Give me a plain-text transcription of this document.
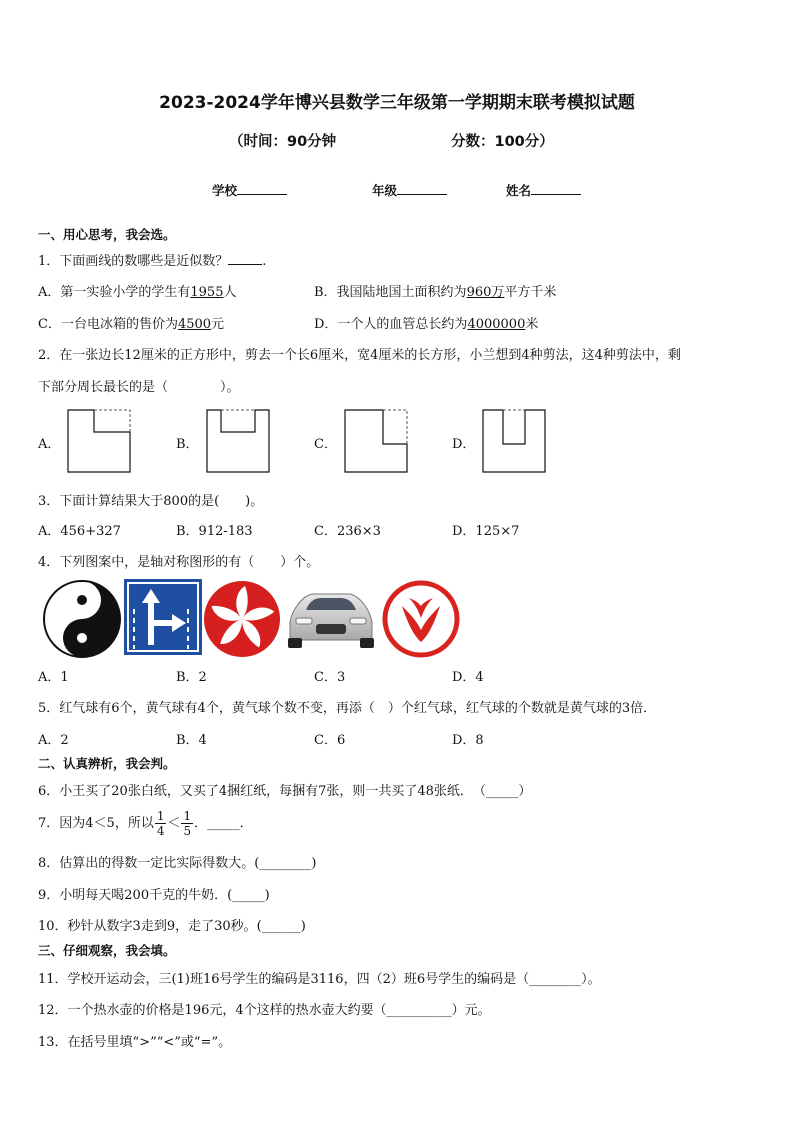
2023-2024学年博兴县数学三年级第一学期期末联考模拟试题
（时间：90分钟	分数：100分）
学校	年级	姓名
一、用心思考，我会选。
1．下面画线的数哪些是近似数？	.
A．第一实验小学的学生有1955人	B．我国陆地国土面积约为960万平方千米
C．一台电冰箱的售价为4500元	D．一个人的血管总长约为4000000米
2．在一张边长12厘米的正方形中，剪去一个长6厘米，宽4厘米的长方形，小兰想到4种剪法，这4种剪法中，剩
下部分周长最长的是（　　　　）。
A．	B．	C．	D．
3．下面计算结果大于800的是(　　)。
A．456+327	B．912-183	C．236×3	D．125×7
4．下列图案中，是轴对称图形的有（　　）个。
A．1	B．2	C．3	D．4
5．红气球有6个，黄气球有4个，黄气球个数不变，再添（　）个红气球，红气球的个数就是黄气球的3倍．
A．2	B．4	C．6	D．8
二、认真辨析，我会判。
6．小王买了20张白纸，又买了4捆红纸，每捆有7张，则一共买了48张纸．　（_____）
7．因为4＜5，所以 $\frac{1}{4} < \frac{1}{5}$ ．_____．
8．估算出的得数一定比实际得数大。(________)
9．小明每天喝200千克的牛奶．(_____)
10．秒针从数字3走到9，走了30秒。(______)
三、仔细观察，我会填。
11．学校开运动会，三(1)班16号学生的编码是3116，四（2）班6号学生的编码是（________）。
12．一个热水壶的价格是196元，4个这样的热水壶大约要（__________）元。
13．在括号里填“>”“<”或“=”。
